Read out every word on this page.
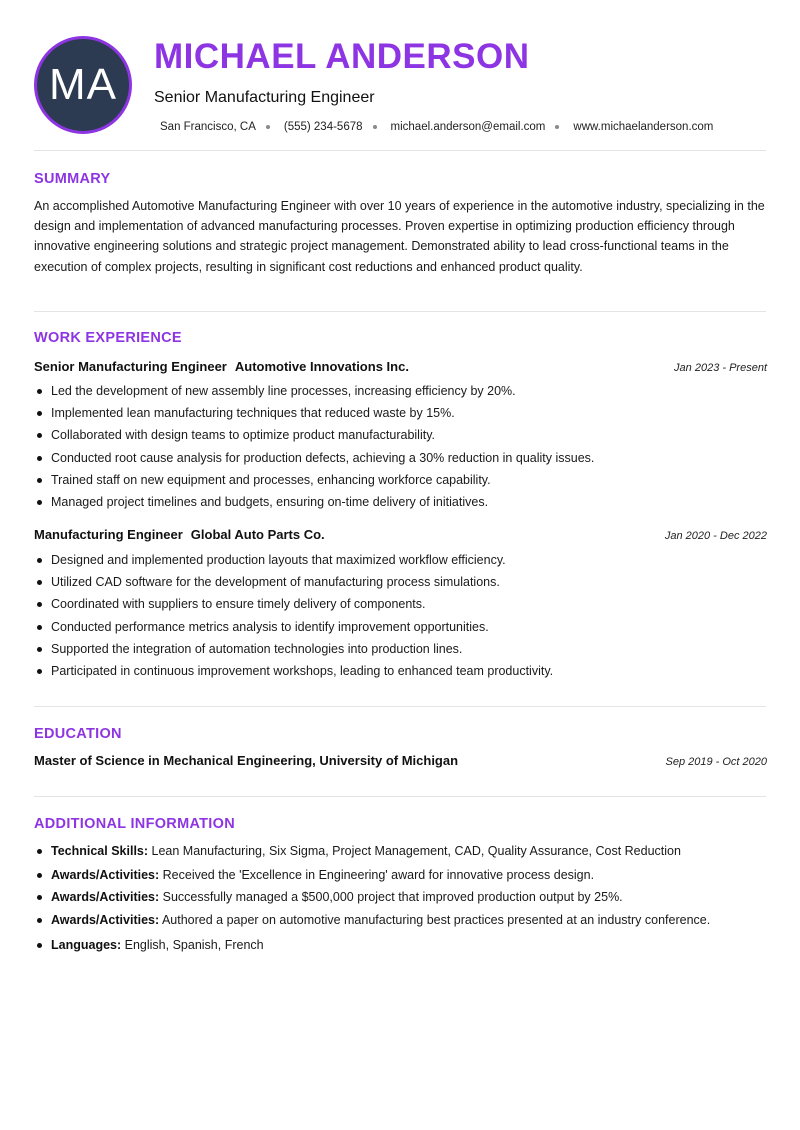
MA
MICHAEL ANDERSON
Senior Manufacturing Engineer
San Francisco, CA (555) 234-5678 michael.anderson@email.com www.michaelanderson.com
SUMMARY

An accomplished Automotive Manufacturing Engineer with over 10 years of experience in the automotive industry, specializing in the design and implementation of advanced manufacturing processes. Proven expertise in optimizing production efficiency through innovative engineering solutions and strategic project management. Demonstrated ability to lead cross-functional teams in the execution of complex projects, resulting in significant cost reductions and enhanced product quality.

WORK EXPERIENCE
Senior Manufacturing Engineer Automotive Innovations Inc.	Jan 2023 - Present
Led the development of new assembly line processes, increasing efficiency by 20%.
Implemented lean manufacturing techniques that reduced waste by 15%.
Collaborated with design teams to optimize product manufacturability.
Conducted root cause analysis for production defects, achieving a 30% reduction in quality issues.
Trained staff on new equipment and processes, enhancing workforce capability.
Managed project timelines and budgets, ensuring on-time delivery of initiatives.
Manufacturing Engineer Global Auto Parts Co.	Jan 2020 - Dec 2022
Designed and implemented production layouts that maximized workflow efficiency.
Utilized CAD software for the development of manufacturing process simulations.
Coordinated with suppliers to ensure timely delivery of components.
Conducted performance metrics analysis to identify improvement opportunities.
Supported the integration of automation technologies into production lines.
Participated in continuous improvement workshops, leading to enhanced team productivity.
EDUCATION
Master of Science in Mechanical Engineering, University of Michigan	Sep 2019 - Oct 2020
ADDITIONAL INFORMATION
Technical Skills: Lean Manufacturing, Six Sigma, Project Management, CAD, Quality Assurance, Cost Reduction
Awards/Activities: Received the 'Excellence in Engineering' award for innovative process design.
Awards/Activities: Successfully managed a $500,000 project that improved production output by 25%.
Awards/Activities: Authored a paper on automotive manufacturing best practices presented at an industry conference.
Languages: English, Spanish, French
